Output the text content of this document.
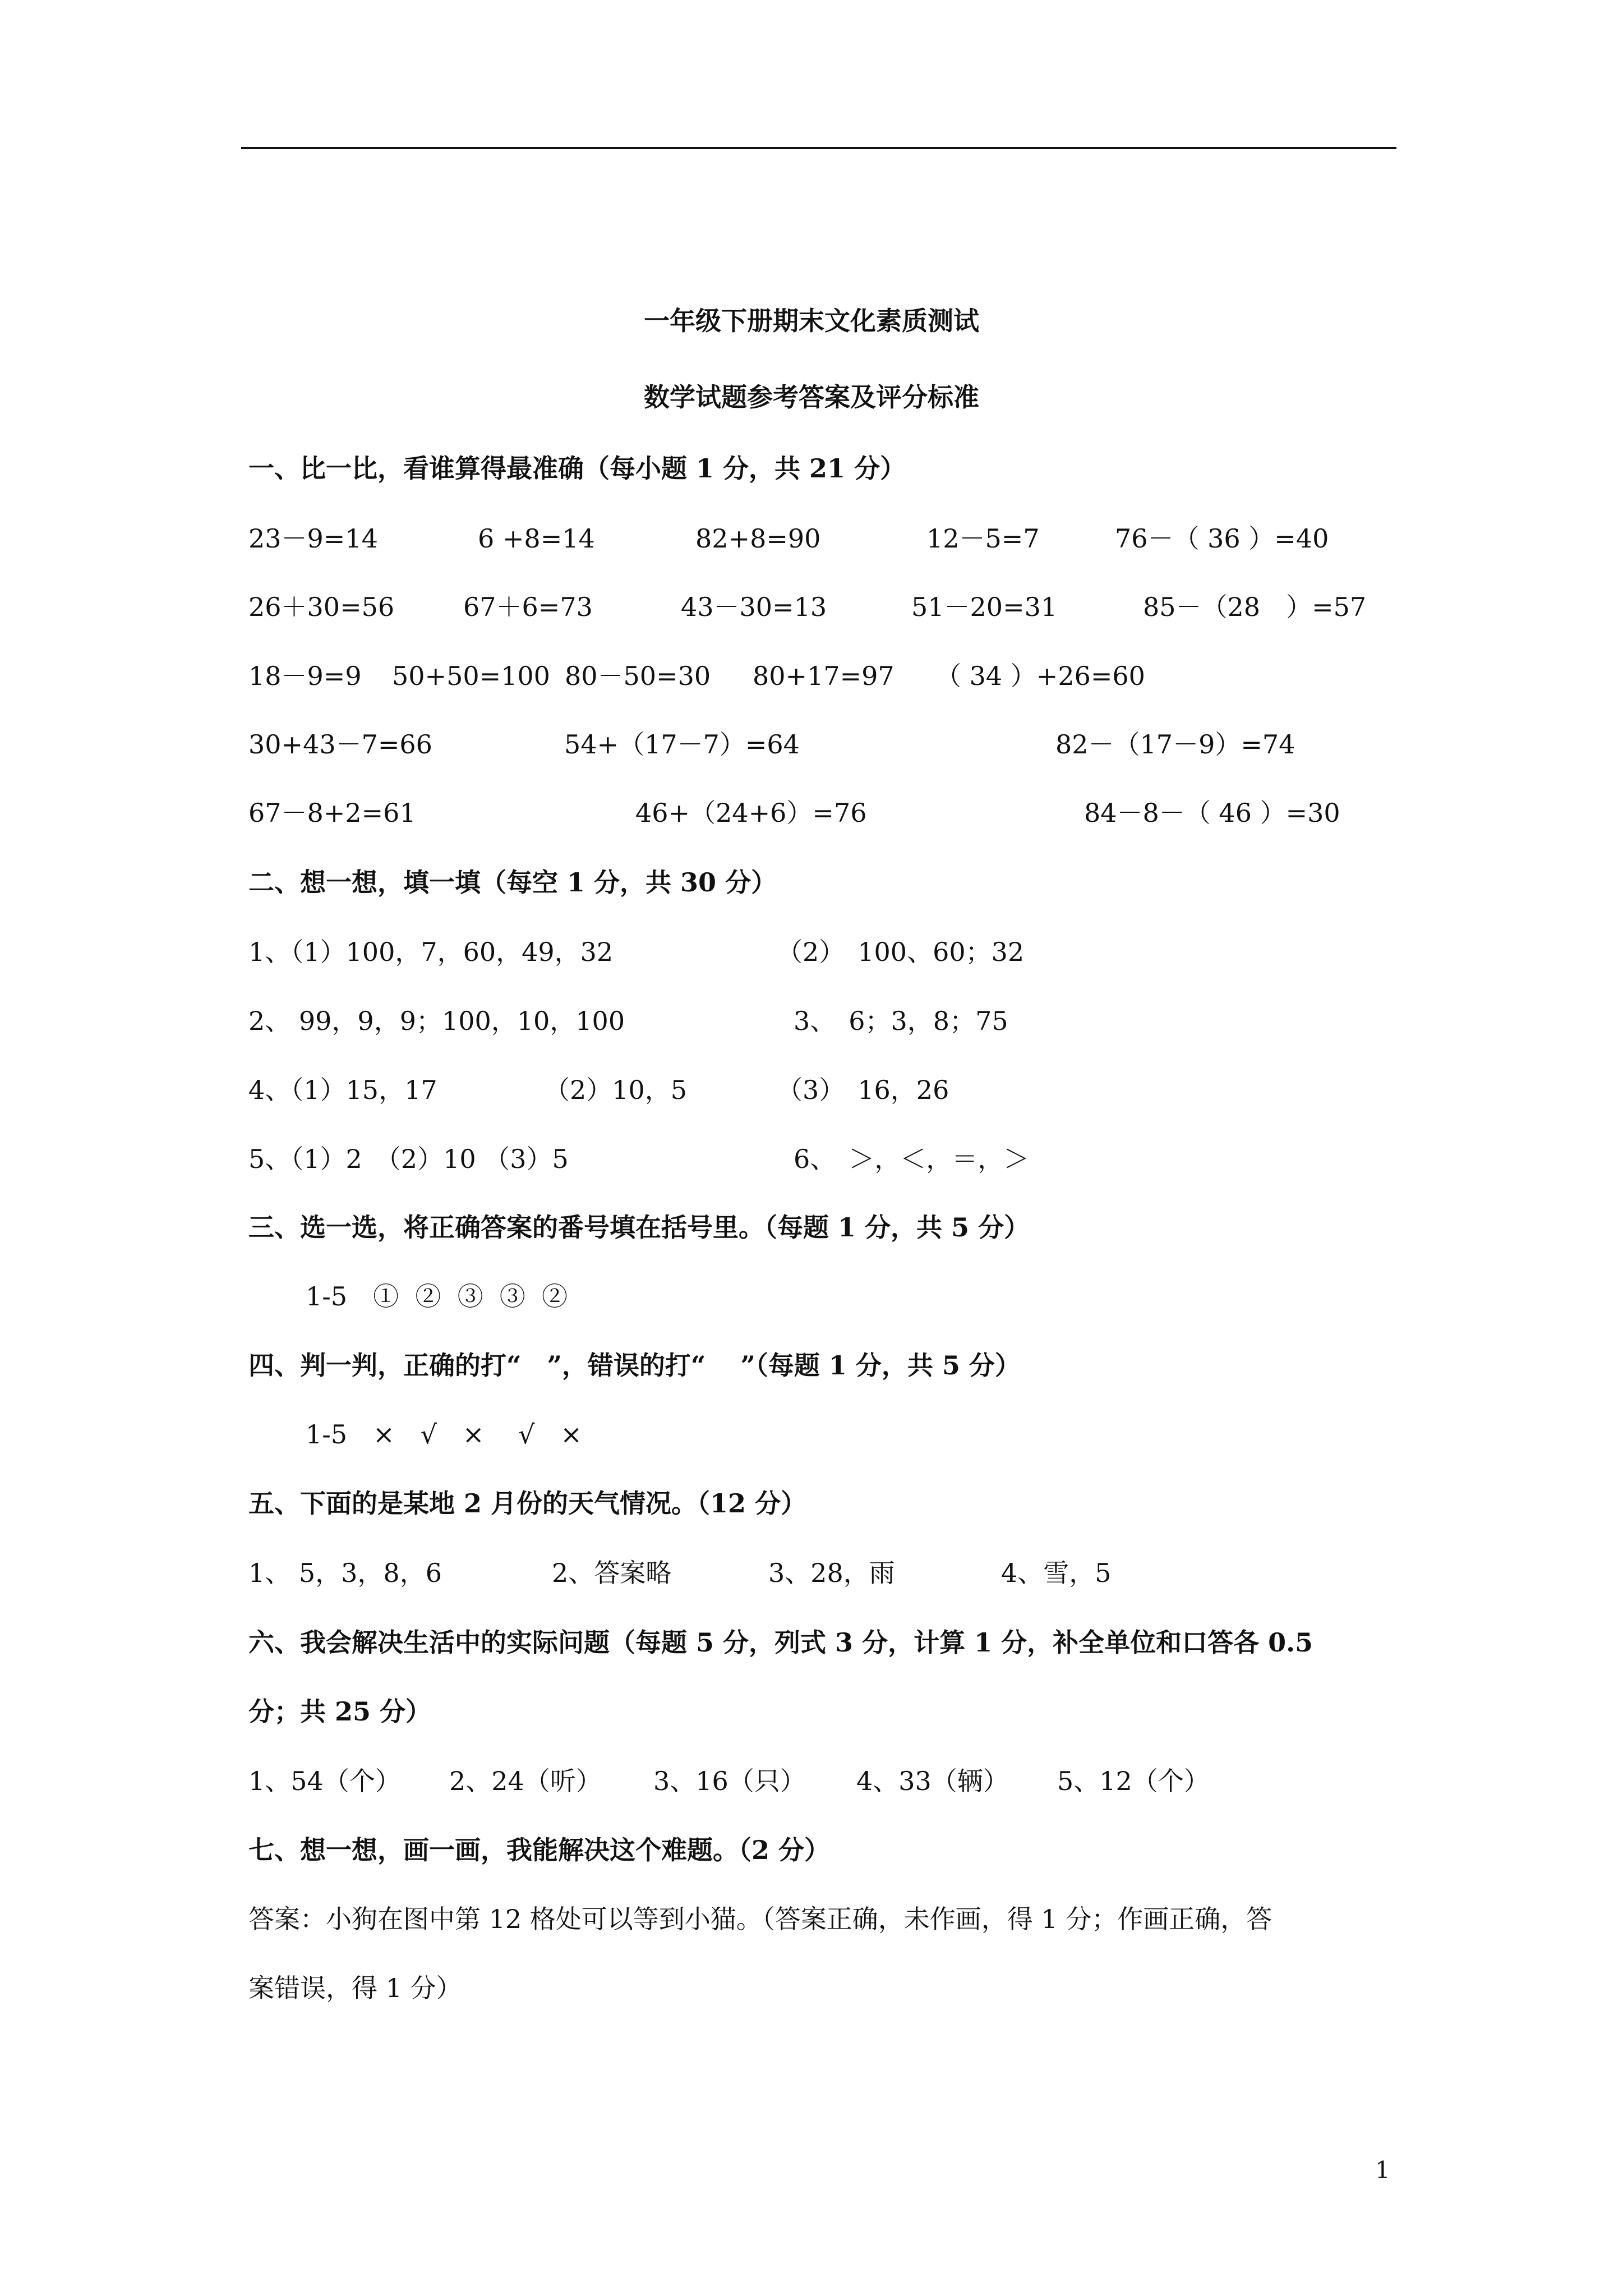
一年级下册期末文化素质测试
数学试题参考答案及评分标准
一、比一比，看谁算得最准确（每小题 1 分，共 21 分）
23－9=14	6 +8=14	82+8=90	12－5=7	76－（ 36 ）=40
26＋30=56	67＋6=73	43－30=13	51－20=31	85－（28　）=57
18－9=9 50+50=100 80－50=30 80+17=97 （ 34 ）+26=60
30+43－7=66	54+（17－7）=64	82－（17－9）=74
67－8+2=61	46+（24+6）=76	84－8－（ 46 ）=30
二、想一想，填一填（每空 1 分，共 30 分）
1、（1）100，7，60，49，32	（2）　100、60；32
2、 99，9，9；100，10，100	3、　6；3，8；75
4、（1）15，17	（2）10，5	（3）　16，26
5、（1）2　（2）10 （3）5	6、　＞，＜，＝，＞
三、选一选，将正确答案的番号填在括号里。（每题 1 分，共 5 分）
1-5　①  ②  ③  ③  ②
四、判一判，正确的打“　”，错误的打“　 ”（每题 1 分，共 5 分）
1-5　×　√　×　 √　×
五、下面的是某地 2 月份的天气情况。（12 分）
1、 5，3，8，6	2、答案略	3、28，雨	4、雪，5
六、我会解决生活中的实际问题（每题 5 分，列式 3 分，计算 1 分，补全单位和口答各 0.5
分；共 25 分）
1、54（个） 2、24（听） 3、16（只） 4、33（辆） 5、12（个）
七、想一想，画一画，我能解决这个难题。（2 分）
答案：小狗在图中第 12 格处可以等到小猫。（答案正确，未作画，得 1 分；作画正确，答
案错误，得 1 分）
1
